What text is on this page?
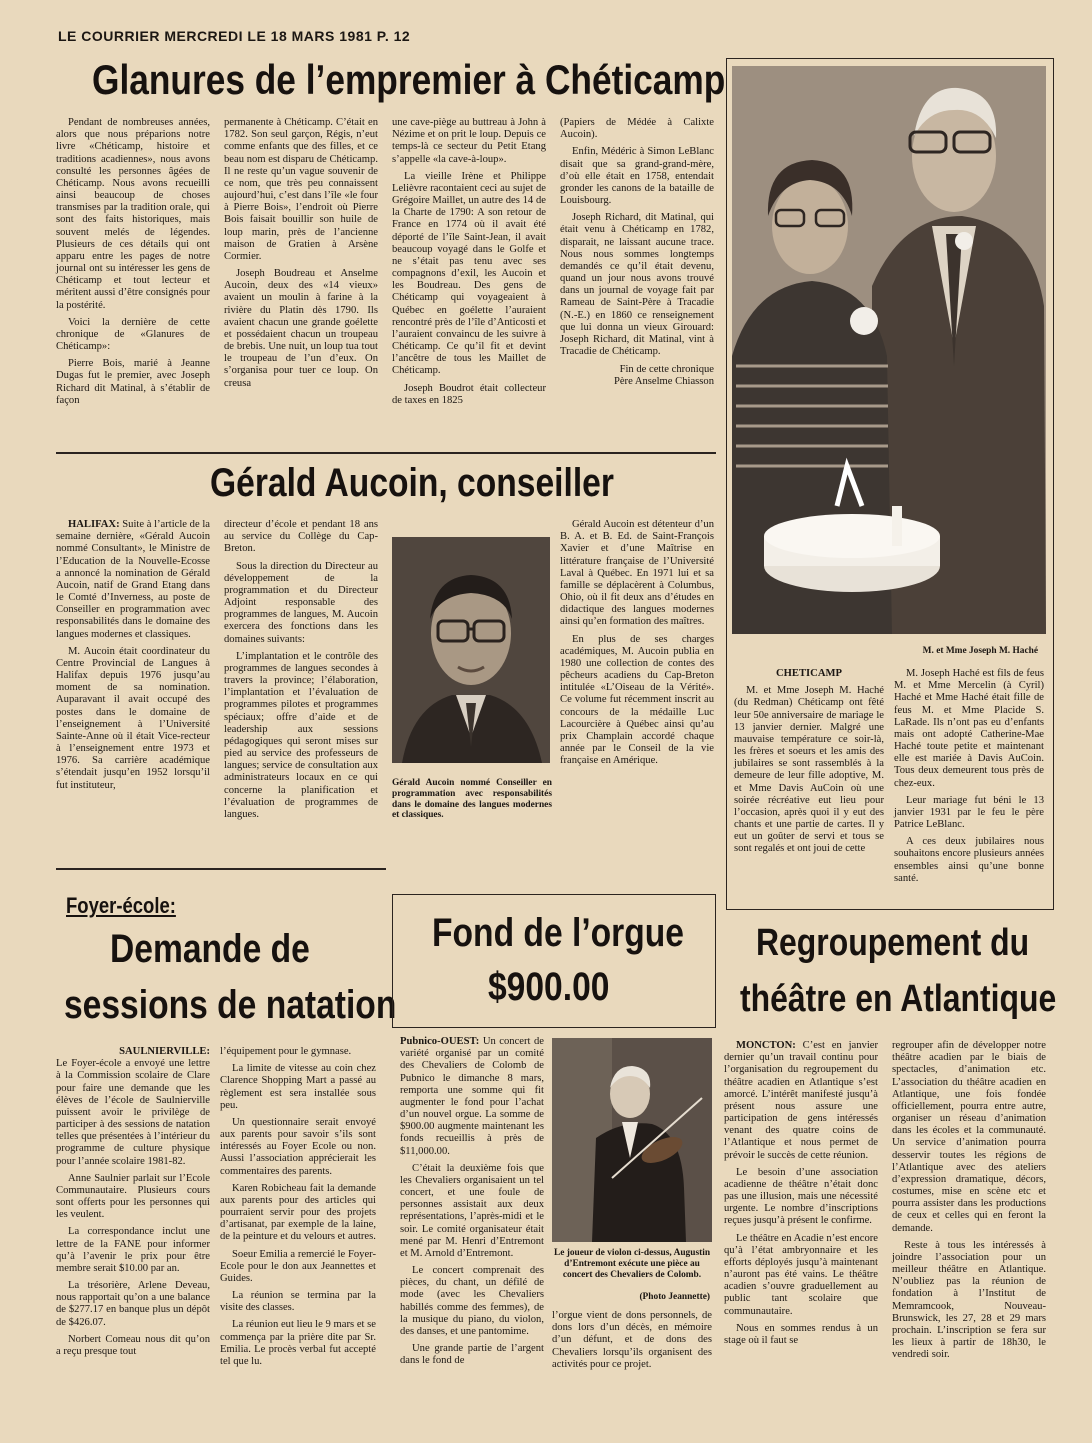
LE COURRIER MERCREDI LE 18 MARS 1981 P. 12
Glanures de l’empremier à Chéticamp

Pendant de nombreuses années, alors que nous préparions notre livre «Chéticamp, histoire et traditions acadiennes», nous avons consulté les personnes âgées de Chéticamp. Nous avons recueilli ainsi beaucoup de choses transmises par la tradition orale, qui sont des faits historiques, mais souvent melés de légendes. Plusieurs de ces détails qui ont apparu entre les pages de notre journal ont su intéresser les gens de Chéticamp et tout lecteur et méritent aussi d’être consignés pour la postérité.

Voici la dernière de cette chronique de «Glanures de Chéticamp»:

Pierre Bois, marié à Jeanne Dugas fut le premier, avec Joseph Richard dit Matinal, à s’établir de façon

permanente à Chéticamp. C’était en 1782. Son seul garçon, Régis, n’eut comme enfants que des filles, et ce beau nom est disparu de Chéticamp. Il ne reste qu’un vague souvenir de ce nom, que très peu connaissent aujourd’hui, c’est dans l’île «le four à Pierre Bois», l’endroit où Pierre Bois faisait bouillir son huile de loup marin, près de l’ancienne maison de Gratien à Arsène Cormier.

Joseph Boudreau et Anselme Aucoin, deux des «14 vieux» avaient un moulin à farine à la rivière du Platin dès 1790. Ils avaient chacun une grande goélette et possédaient chacun un troupeau de brebis. Une nuit, un loup tua tout le troupeau de l’un d’eux. On s’organisa pour tuer ce loup. On creusa

une cave-piège au buttreau à John à Nézime et on prit le loup. Depuis ce temps-là ce secteur du Petit Etang s’appelle «la cave-à-loup».

La vieille Irène et Philippe Lelièvre racontaient ceci au sujet de Grégoire Maillet, un autre des 14 de la Charte de 1790: A son retour de France en 1774 où il avait été déporté de l’île Saint-Jean, il avait beaucoup voyagé dans le Golfe et ne s’était pas tenu avec ses compagnons d’exil, les Aucoin et les Boudreau. Des gens de Chéticamp qui voyageaient à Québec en goélette l’auraient rencontré près de l’île d’Anticosti et l’auraient convaincu de les suivre à Chéticamp. Ce qu’il fit et devint l’ancêtre de tous les Maillet de Chéticamp.

Joseph Boudrot était collecteur de taxes en 1825

(Papiers de Médée à Calixte Aucoin).

Enfin, Médéric à Simon LeBlanc disait que sa grand-grand-mère, d’où elle était en 1758, entendait gronder les canons de la bataille de Louisbourg.

Joseph Richard, dit Matinal, qui était venu à Chéticamp en 1782, disparait, ne laissant aucune trace. Nous nous sommes longtemps demandés ce qu’il était devenu, quand un jour nous avons trouvé dans un journal de voyage fait par Rameau de Saint-Père à Tracadie (N.-E.) en 1860 ce renseignement que lui donna un vieux Girouard: Joseph Richard, dit Matinal, vint à Tracadie de Chéticamp.

Fin de cette chronique

Père Anselme Chiasson

Gérald Aucoin, conseiller

HALIFAX: Suite à l’article de la semaine dernière, «Gérald Aucoin nommé Consultant», le Ministre de l’Education de la Nouvelle-Ecosse a annoncé la nomination de Gérald Aucoin, natif de Grand Etang dans le Comté d’Inverness, au poste de Conseiller en programmation avec responsabilités dans le domaine des langues modernes et classiques.

M. Aucoin était coordinateur du Centre Provincial de Langues à Halifax depuis 1976 jusqu’au moment de sa nomination. Auparavant il avait occupé des postes dans le domaine de l’enseignement à l’Université Sainte-Anne où il était Vice-recteur à l’enseignement entre 1973 et 1976. Sa carrière académique s’étendait jusqu’en 1952 lorsqu’il fut instituteur,

directeur d’école et pendant 18 ans au service du Collège du Cap-Breton.

Sous la direction du Directeur au développement de la programmation et du Directeur Adjoint responsable des programmes de langues, M. Aucoin exercera des fonctions dans les domaines suivants:

L’implantation et le contrôle des programmes de langues secondes à travers la province; l’élaboration, l’implantation et l’évaluation de programmes pilotes et programmes spéciaux; offre d’aide et de leadership aux sessions pédagogiques qui seront mises sur pied au service des professeurs de langues; service de consultation aux administrateurs locaux en ce qui concerne la planification et l’évaluation de programmes de langues.

Gérald Aucoin nommé Conseiller en programmation avec responsabilités dans le domaine des langues modernes et classiques.

Gérald Aucoin est détenteur d’un B. A. et B. Ed. de Saint-François Xavier et d’une Maîtrise en littérature française de l’Université Laval à Québec. En 1971 lui et sa famille se déplacèrent à Columbus, Ohio, où il fit deux ans d’études en didactique des langues modernes ainsi qu’en formation des maîtres.

En plus de ses charges académiques, M. Aucoin publia en 1980 une collection de contes des pêcheurs acadiens du Cap-Breton intitulée «L’Oiseau de la Vérité». Ce volume fut récemment inscrit au concours de la médaille Luc Lacourcière à Québec ainsi qu’au prix Champlain accordé chaque année par le Conseil de la vie française en Amérique.

M. et Mme Joseph M. Haché

CHETICAMP

M. et Mme Joseph M. Haché (du Redman) Chéticamp ont fêté leur 50e anniversaire de mariage le 13 janvier dernier. Malgré une mauvaise température ce soir-là, les frères et soeurs et les amis des jubilaires se sont rassemblés à la demeure de leur fille adoptive, M. et Mme Davis AuCoin où une soirée récréative eut lieu pour l’occasion, après quoi il y eut des chants et une partie de cartes. Il y eut un goûter de servi et tous se sont regalés et ont joui de cette

M. Joseph Haché est fils de feus M. et Mme Mercelin (à Cyril) Haché et Mme Haché était fille de feus M. et Mme Placide S. LaRade. Ils n’ont pas eu d’enfants mais ont adopté Catherine-Mae Haché toute petite et maintenant elle est mariée à Davis AuCoin. Tous deux demeurent tous près de chez-eux.

Leur mariage fut béni le 13 janvier 1931 par le feu le père Patrice LeBlanc.

A ces deux jubilaires nous souhaitons encore plusieurs années ensembles ainsi qu’une bonne santé.

Foyer-école:
Demande de
sessions de natation

SAULNIERVILLE:

Le Foyer-école a envoyé une lettre à la Commission scolaire de Clare pour faire une demande que les élèves de l’école de Saulnierville puissent avoir le privilège de participer à des sessions de natation telles que présentées à l’intérieur du programme de culture physique pour l’année scolaire 1981-82.

Anne Saulnier parlait sur l’Ecole Communautaire. Plusieurs cours sont offerts pour les personnes qui les veulent.

La correspondance inclut une lettre de la FANE pour informer qu’à l’avenir le prix pour être membre serait $10.00 par an.

La trésorière, Arlene Deveau, nous rapportait qu’on a une balance de $277.17 en banque plus un dépôt de $426.07.

Norbert Comeau nous dit qu’on a reçu presque tout

l’équipement pour le gymnase.

La limite de vitesse au coin chez Clarence Shopping Mart a passé au règlement est sera installée sous peu.

Un questionnaire serait envoyé aux parents pour savoir s’ils sont intéressés au Foyer Ecole ou non. Aussi l’association apprécierait les commentaires des parents.

Karen Robicheau fait la demande aux parents pour des articles qui pourraient servir pour des projets d’artisanat, par exemple de la laine, de la peinture et du velours et autres.

Soeur Emilia a remercié le Foyer-Ecole pour le don aux Jeannettes et Guides.

La réunion se termina par la visite des classes.

La réunion eut lieu le 9 mars et se commença par la prière dite par Sr. Emilia. Le procès verbal fut accepté tel que lu.

Fond de l’orgue
$900.00

Pubnico-OUEST: Un concert de variété organisé par un comité des Chevaliers de Colomb de Pubnico le dimanche 8 mars, remporta une somme qui fit augmenter le fond pour l’achat d’un nouvel orgue. La somme de $900.00 augmente maintenant les fonds recueillis à près de $11,000.00.

C’était la deuxième fois que les Chevaliers organisaient un tel concert, et une foule de personnes assistait aux deux représentations, l’après-midi et le soir. Le comité organisateur était mené par M. Henri d’Entremont et M. Arnold d’Entremont.

Le concert comprenait des pièces, du chant, un défilé de mode (avec les Chevaliers habillés comme des femmes), de la musique du piano, du violon, des danses, et une pantomime.

Une grande partie de l’argent dans le fond de

Le joueur de violon ci-dessus, Augustin d’Entremont exécute une pièce au concert des Chevaliers de Colomb.
(Photo Jeannette)

l’orgue vient de dons personnels, de dons lors d’un décès, en mémoire d’un défunt, et de dons des Chevaliers lorsqu’ils organisent des activités pour ce projet.

Regroupement du
théâtre en Atlantique

MONCTON: C’est en janvier dernier qu’un travail continu pour l’organisation du regroupement du théâtre acadien en Atlantique s’est amorcé. L’intérêt manifesté jusqu’à présent nous assure une participation de gens intéressés venant des quatre coins de l’Atlantique et nous permet de prévoir le succès de cette réunion.

Le besoin d’une association acadienne de théâtre n’était donc pas une illusion, mais une nécessité urgente. Le nombre d’inscriptions reçues jusqu’à présent le confirme.

Le théâtre en Acadie n’est encore qu’à l’état ambryonnaire et les efforts déployés jusqu’à maintenant n’auront pas été vains. Le théâtre acadien s’ouvre graduellement au public tant scolaire que communautaire.

Nous en sommes rendus à un stage où il faut se

regrouper afin de développer notre théâtre acadien par le biais de spectacles, d’animation etc. L’association du théâtre acadien en Atlantique, une fois fondée officiellement, pourra entre autre, organiser un réseau d’animation dans les écoles et la communauté. Un service d’animation pourra desservir toutes les régions de l’Atlantique avec des ateliers d’expression dramatique, décors, costumes, mise en scène etc et pourra assister dans les productions de ceux et celles qui en feront la demande.

Reste à tous les intéressés à joindre l’association pour un meilleur théâtre en Atlantique. N’oubliez pas la réunion de fondation à l’Institut de Memramcook, Nouveau-Brunswick, les 27, 28 et 29 mars prochain. L’inscription se fera sur les lieux à partir de 18h30, le vendredi soir.
